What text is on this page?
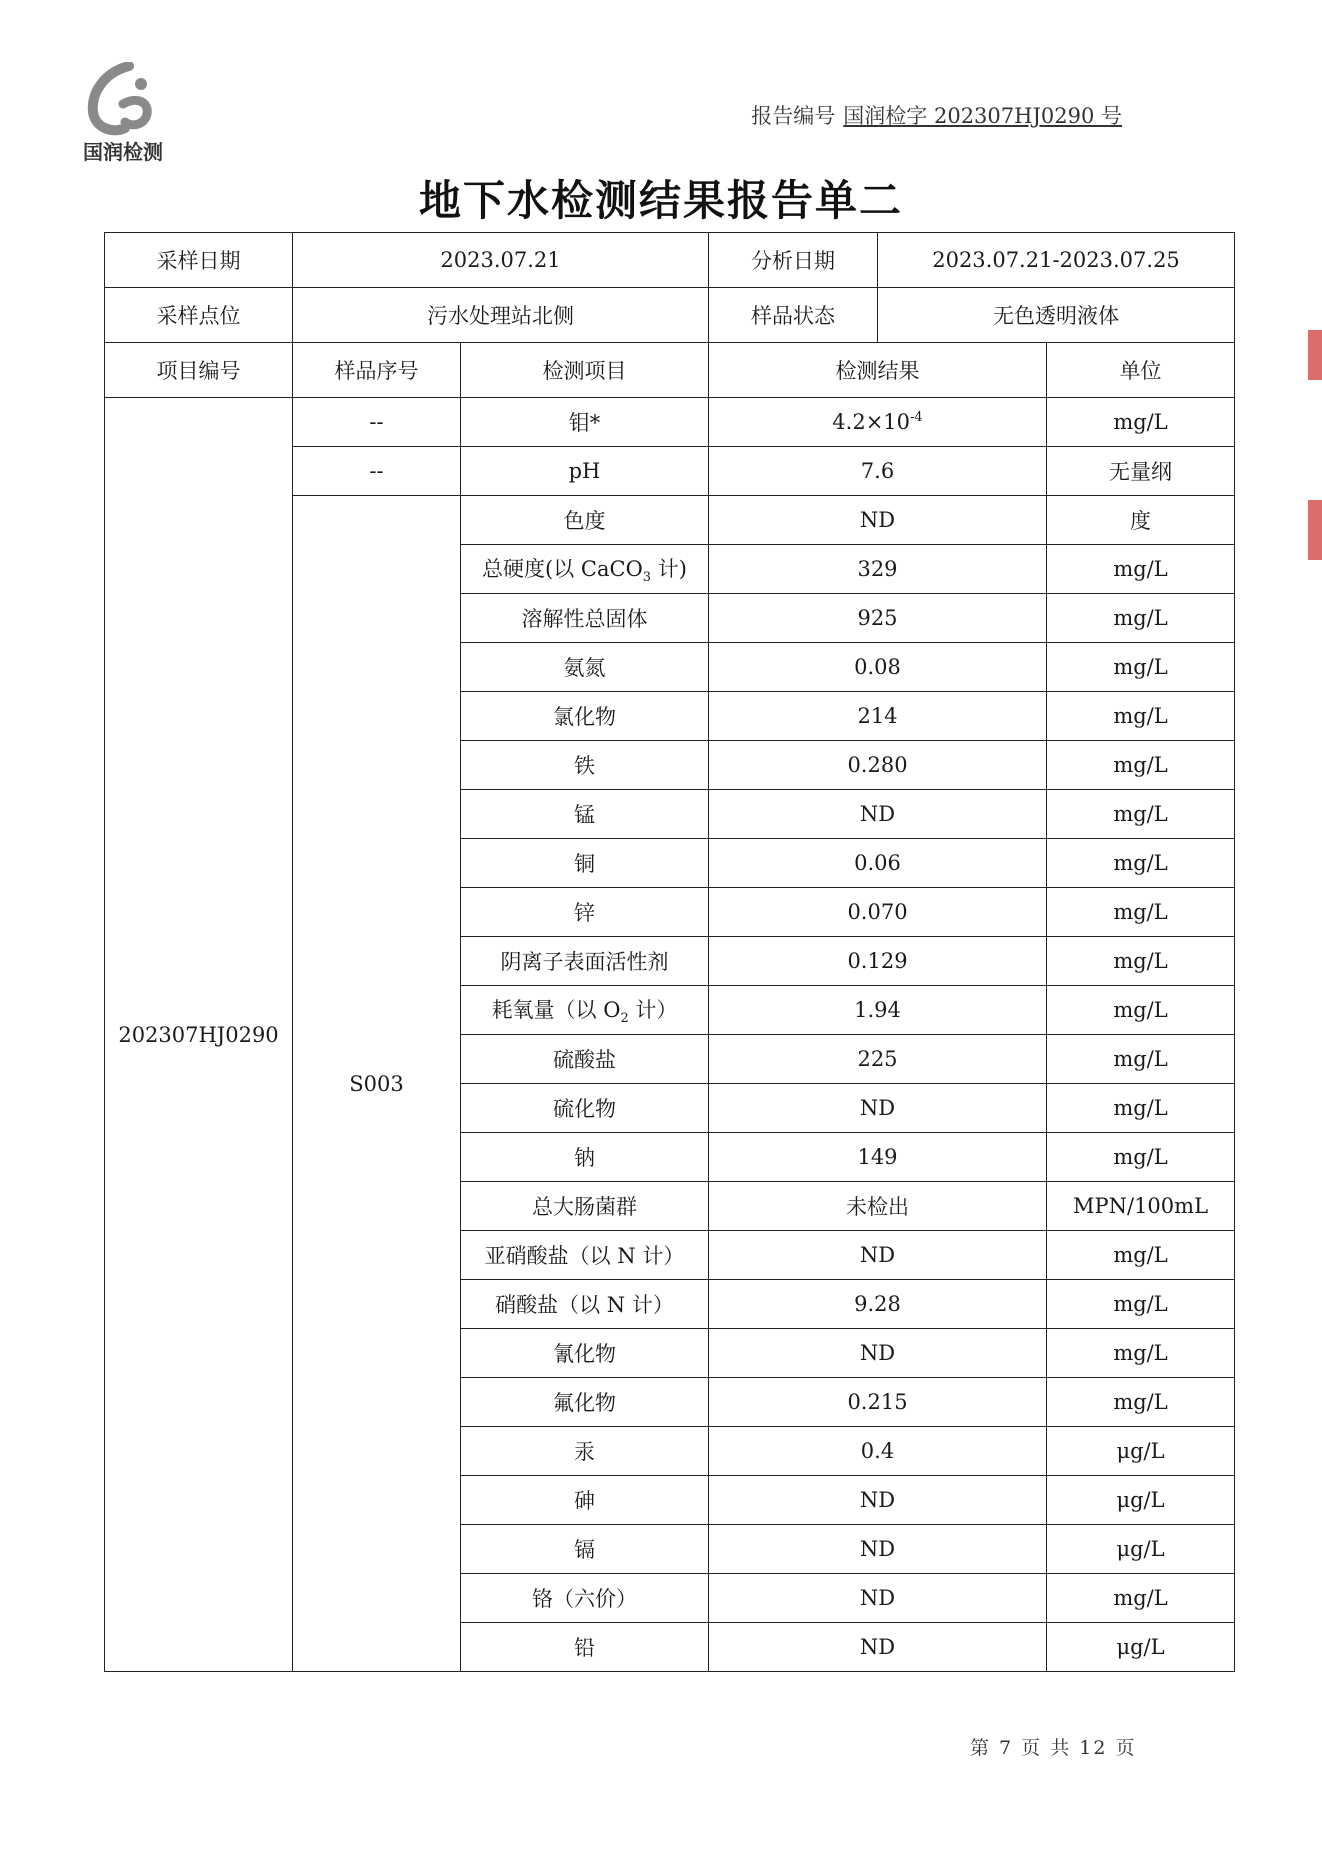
国润检测
报告编号 国润检字 202307HJ0290 号
地下水检测结果报告单二
采样日期	2023.07.21		分析日期 2023.07.21-2023.07.25	

采样点位	污水处理站北侧		样品状态 无色透明液体	

项目编号	样品序号	检测项目	检测结果	单位
202307HJ0290	--	钼*	$4.2\times 10^{-4}$	mg/L
	--	pH	7.6	无量纲
	S003	色度	ND	度
		总硬度(以 CaCO$_3$ 计)	329	mg/L
		溶解性总固体	925	mg/L
		氨氮	0.08	mg/L
		氯化物	214	mg/L
		铁	0.280	mg/L
		锰	ND	mg/L
		铜	0.06	mg/L
		锌	0.070	mg/L
		阴离子表面活性剂	0.129	mg/L
		耗氧量（以 $O_2$ 计）	1.94	mg/L
		硫酸盐	225	mg/L
		硫化物	ND	mg/L
		钠	149	mg/L
		总大肠菌群	未检出	MPN/100mL
		亚硝酸盐（以 N 计）	ND	mg/L
		硝酸盐（以 N 计）	9.28	mg/L
		氰化物	ND	mg/L
		氟化物	0.215	mg/L
		汞	0.4	μg/L
		砷	ND	μg/L
		镉	ND	μg/L
		铬（六价）	ND	mg/L
		铅	ND	μg/L
第 7 页 共 12 页
